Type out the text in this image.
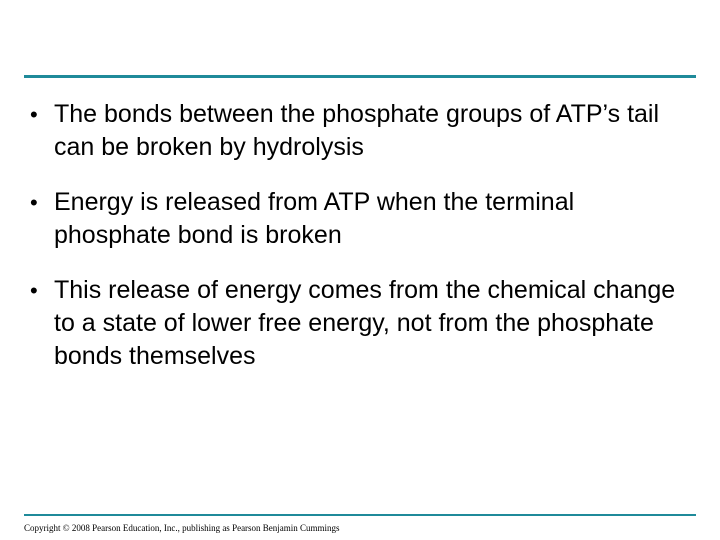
• The bonds between the phosphate groups of ATP’s tail can be broken by hydrolysis
• Energy is released from ATP when the terminal phosphate bond is broken
• This release of energy comes from the chemical change to a state of lower free energy, not from the phosphate bonds themselves
Copyright © 2008 Pearson Education, Inc., publishing as Pearson Benjamin Cummings
